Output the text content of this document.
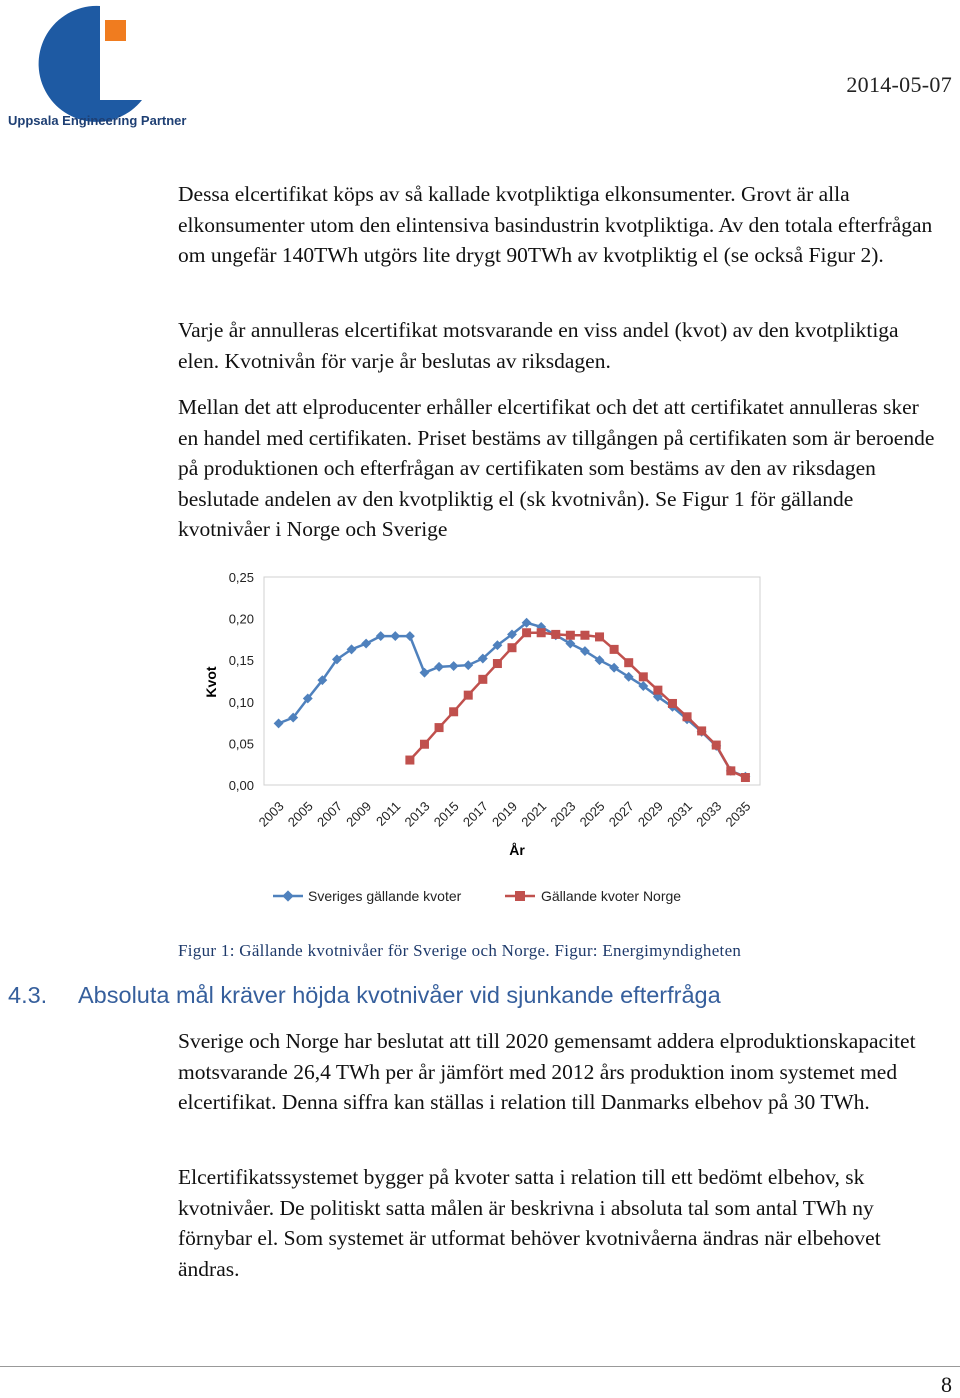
Uppsala Engineering Partner
2014-05-07

Dessa elcertifikat köps av så kallade kvotpliktiga elkonsumenter. Grovt är alla elkonsumenter utom den elintensiva basindustrin kvotpliktiga. Av den totala efterfrågan om ungefär 140TWh utgörs lite drygt 90TWh av kvotpliktig el (se också Figur 2).

Varje år annulleras elcertifikat motsvarande en viss andel (kvot) av den kvotpliktiga elen. Kvotnivån för varje år beslutas av riksdagen.

Mellan det att elproducenter erhåller elcertifikat och det att certifikatet annulleras sker en handel med certifikaten. Priset bestäms av tillgången på certifikaten som är beroende på produktionen och efterfrågan av certifikaten som bestäms av den av riksdagen beslutade andelen av den kvotpliktig el (sk kvotnivån). Se Figur 1 för gällande kvotnivåer i Norge och Sverige

0,00
0,05
0,10
0,15
0,20
0,25
2003
2005
2007
2009
2011
2013
2015
2017
2019
2021
2023
2025
2027
2029
2031
2033
2035
Kvot
År
Sveriges gällande kvoter	Gällande kvoter Norge
Figur 1: Gällande kvotnivåer för Sverige och Norge. Figur: Energimyndigheten
4.3. Absoluta mål kräver höjda kvotnivåer vid sjunkande efterfråga

Sverige och Norge har beslutat att till 2020 gemensamt addera elproduktionskapacitet motsvarande 26,4 TWh per år jämfört med 2012 års produktion inom systemet med elcertifikat. Denna siffra kan ställas i relation till Danmarks elbehov på 30 TWh.

Elcertifikatssystemet bygger på kvoter satta i relation till ett bedömt elbehov, sk kvotnivåer. De politiskt satta målen är beskrivna i absoluta tal som antal TWh ny förnybar el. Som systemet är utformat behöver kvotnivåerna ändras när elbehovet ändras.

8
